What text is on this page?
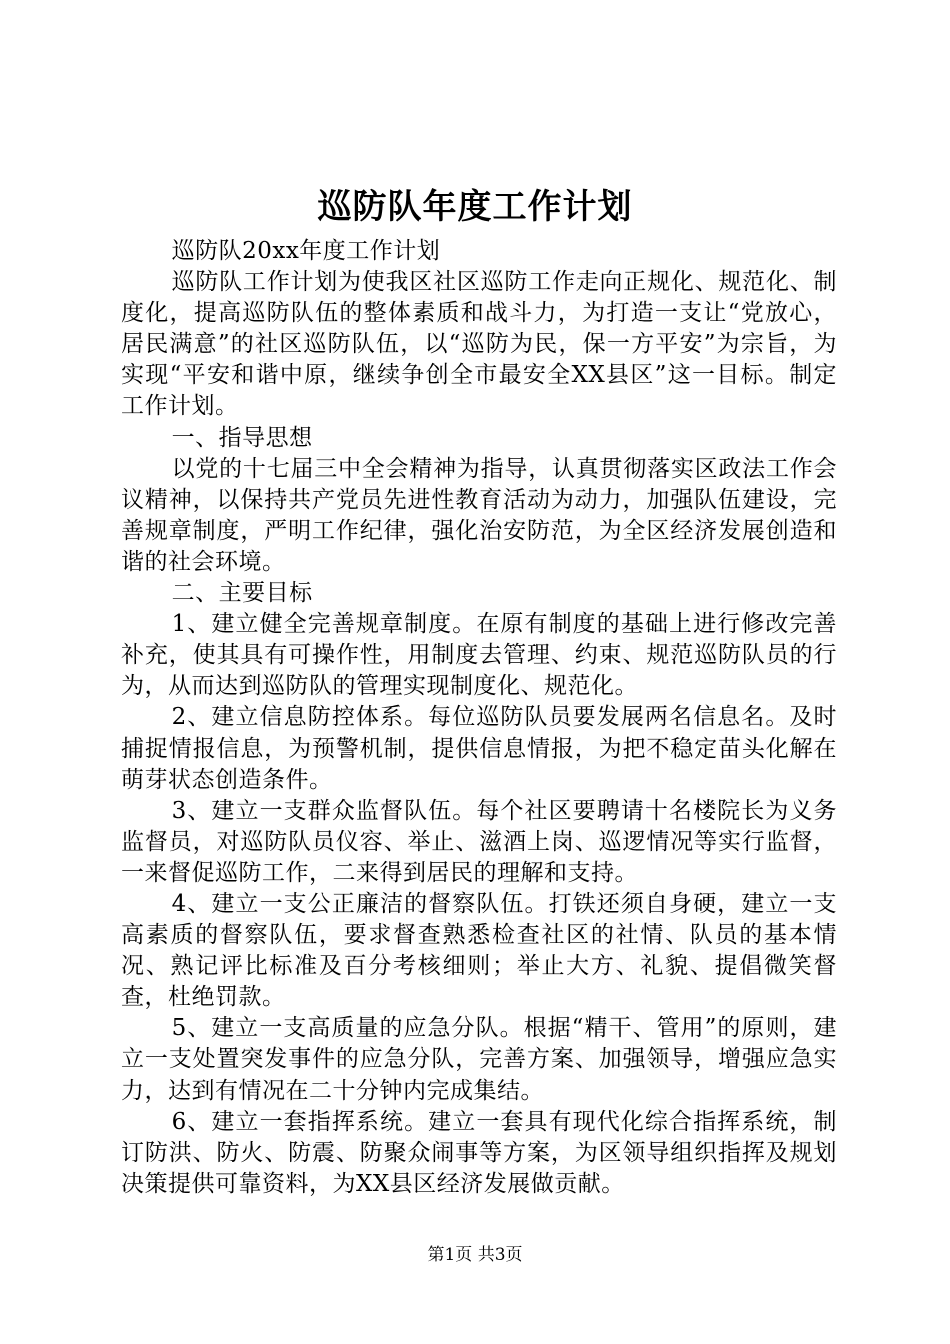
巡防队年度工作计划

巡防队20xx年度工作计划

巡防队工作计划为使我区社区巡防工作走向正规化、规范化、制度化，提高巡防队伍的整体素质和战斗力，为打造一支让“党放心，居民满意”的社区巡防队伍，以“巡防为民，保一方平安”为宗旨，为实现“平安和谐中原，继续争创全市最安全XX县区”这一目标。制定工作计划。

一、指导思想

以党的十七届三中全会精神为指导，认真贯彻落实区政法工作会议精神，以保持共产党员先进性教育活动为动力，加强队伍建设，完善规章制度，严明工作纪律，强化治安防范，为全区经济发展创造和谐的社会环境。

二、主要目标

1、建立健全完善规章制度。在原有制度的基础上进行修改完善补充，使其具有可操作性，用制度去管理、约束、规范巡防队员的行为，从而达到巡防队的管理实现制度化、规范化。

2、建立信息防控体系。每位巡防队员要发展两名信息名。及时捕捉情报信息，为预警机制，提供信息情报，为把不稳定苗头化解在萌芽状态创造条件。

3、建立一支群众监督队伍。每个社区要聘请十名楼院长为义务监督员，对巡防队员仪容、举止、滋酒上岗、巡逻情况等实行监督，一来督促巡防工作，二来得到居民的理解和支持。

4、建立一支公正廉洁的督察队伍。打铁还须自身硬，建立一支高素质的督察队伍，要求督查熟悉检查社区的社情、队员的基本情况、熟记评比标准及百分考核细则；举止大方、礼貌、提倡微笑督查，杜绝罚款。

5、建立一支高质量的应急分队。根据“精干、管用”的原则，建立一支处置突发事件的应急分队，完善方案、加强领导，增强应急实力，达到有情况在二十分钟内完成集结。

6、建立一套指挥系统。建立一套具有现代化综合指挥系统，制订防洪、防火、防震、防聚众闹事等方案，为区领导组织指挥及规划决策提供可靠资料，为XX县区经济发展做贡献。

第1页 共3页
